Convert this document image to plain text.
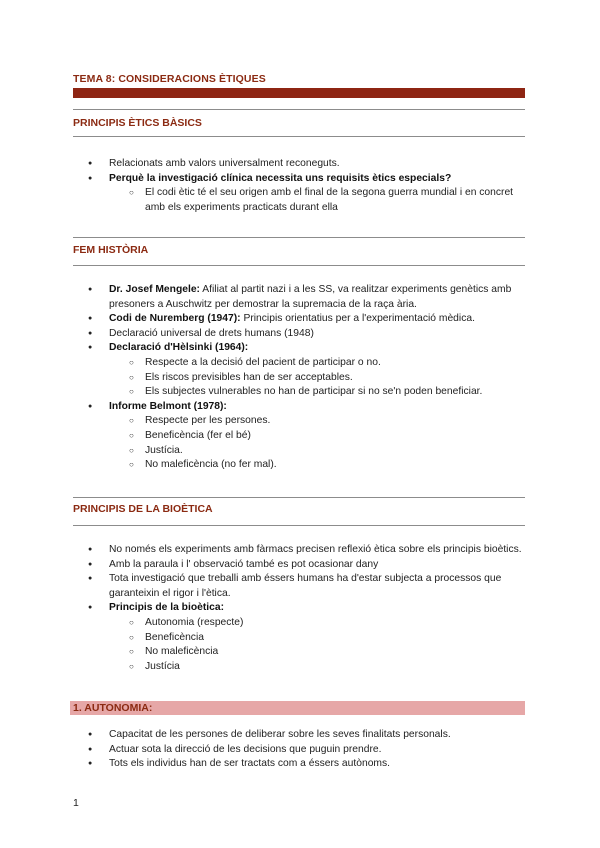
TEMA 8: CONSIDERACIONS ÈTIQUES
PRINCIPIS ÈTICS BÀSICS
● Relacionats amb valors universalment reconeguts.
● Perquè la investigació clínica necessita uns requisits ètics especials?
○ El codi ètic té el seu origen amb el final de la segona guerra mundial i en concret amb els experiments practicats durant ella
FEM HISTÒRIA
● Dr. Josef Mengele: Afiliat al partit nazi i a les SS, va realitzar experiments genètics amb presoners a Auschwitz per demostrar la supremacia de la raça ària.
● Codi de Nuremberg (1947): Principis orientatius per a l'experimentació mèdica.
● Declaració universal de drets humans (1948)
● Declaració d'Hèlsinki (1964):
○ Respecte a la decisió del pacient de participar o no.
○ Els riscos previsibles han de ser acceptables.
○ Els subjectes vulnerables no han de participar si no se'n poden beneficiar.
● Informe Belmont (1978):
○ Respecte per les persones.
○ Beneficència (fer el bé)
○ Justícia.
○ No maleficència (no fer mal).
PRINCIPIS DE LA BIOÈTICA
● No només els experiments amb fàrmacs precisen reflexió ètica sobre els principis bioètics.
● Amb la paraula i l' observació també es pot ocasionar dany
● Tota investigació que treballi amb éssers humans ha d'estar subjecta a processos que garanteixin el rigor i l'ètica.
● Principis de la bioètica:
○ Autonomia (respecte)
○ Beneficència
○ No maleficència
○ Justícia
1. AUTONOMIA:
● Capacitat de les persones de deliberar sobre les seves finalitats personals.
● Actuar sota la direcció de les decisions que puguin prendre.
● Tots els individus han de ser tractats com a éssers autònoms.
1
